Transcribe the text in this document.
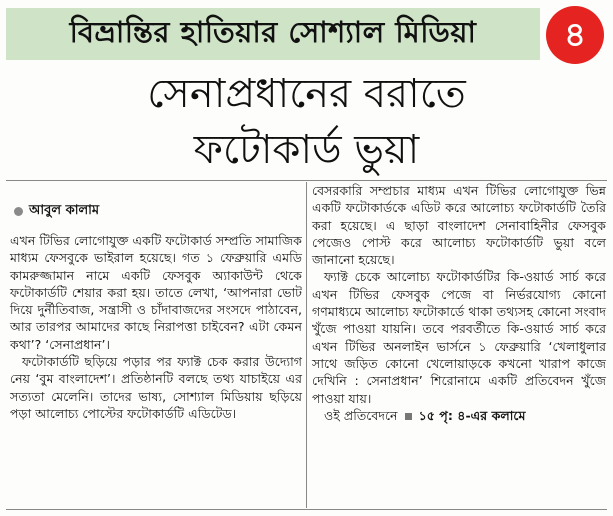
বিভ্রান্তির হাতিয়ার সোশ্যাল মিডিয়া	৪
সেনাপ্রধানের বরাতে
ফটোকার্ড ভুয়া
আবুল কালাম

এখন টিভির লোগোযুক্ত একটি ফটোকার্ড সম্প্রতি সামাজিক মাধ্যম ফেসবুকে ভাইরাল হয়েছে। গত ১ ফেব্রুয়ারি এমডি কামরুজ্জামান নামে একটি ফেসবুক অ্যাকাউন্ট থেকে ফটোকার্ডটি শেয়ার করা হয়। তাতে লেখা, ‘আপনারা ভোট দিয়ে দুর্নীতিবাজ, সন্ত্রাসী ও চাঁদাবাজদের সংসদে পাঠাবেন, আর তারপর আমাদের কাছে নিরাপত্তা চাইবেন? এটা কেমন কথা’? ‘সেনাপ্রধান’।

ফটোকার্ডটি ছড়িয়ে পড়ার পর ফ্যাক্ট চেক করার উদ্যোগ নেয় ‘বুম বাংলাদেশ’। প্রতিষ্ঠানটি বলছে তথ্য যাচাইয়ে এর সত্যতা মেলেনি। তাদের ভাষ্য, সোশ্যাল মিডিয়ায় ছড়িয়ে পড়া আলোচ্য পোস্টের ফটোকার্ডটি এডিটেড।

বেসরকারি সম্প্রচার মাধ্যম এখন টিভির লোগোযুক্ত ভিন্ন একটি ফটোকার্ডকে এডিট করে আলোচ্য ফটোকার্ডটি তৈরি করা হয়েছে। এ ছাড়া বাংলাদেশ সেনাবাহিনীর ফেসবুক পেজেও পোস্ট করে আলোচ্য ফটোকার্ডটি ভুয়া বলে জানানো হয়েছে।

ফ্যাক্ট চেকে আলোচ্য ফটোকার্ডটির কি-ওয়ার্ড সার্চ করে এখন টিভির ফেসবুক পেজে বা নির্ভরযোগ্য কোনো গণমাধ্যমে আলোচ্য ফটোকার্ডে থাকা তথ্যসহ কোনো সংবাদ খুঁজে পাওয়া যায়নি। তবে পরবর্তীতে কি-ওয়ার্ড সার্চ করে এখন টিভির অনলাইন ভার্সনে ১ ফেব্রুয়ারি ‘খেলাধুলার সাথে জড়িত কোনো খেলোয়াড়কে কখনো খারাপ কাজে দেখিনি : সেনাপ্রধান’ শিরোনামে একটি প্রতিবেদন খুঁজে পাওয়া যায়।

ওই প্রতিবেদনে ১৫ পৃ: ৪-এর কলামে
